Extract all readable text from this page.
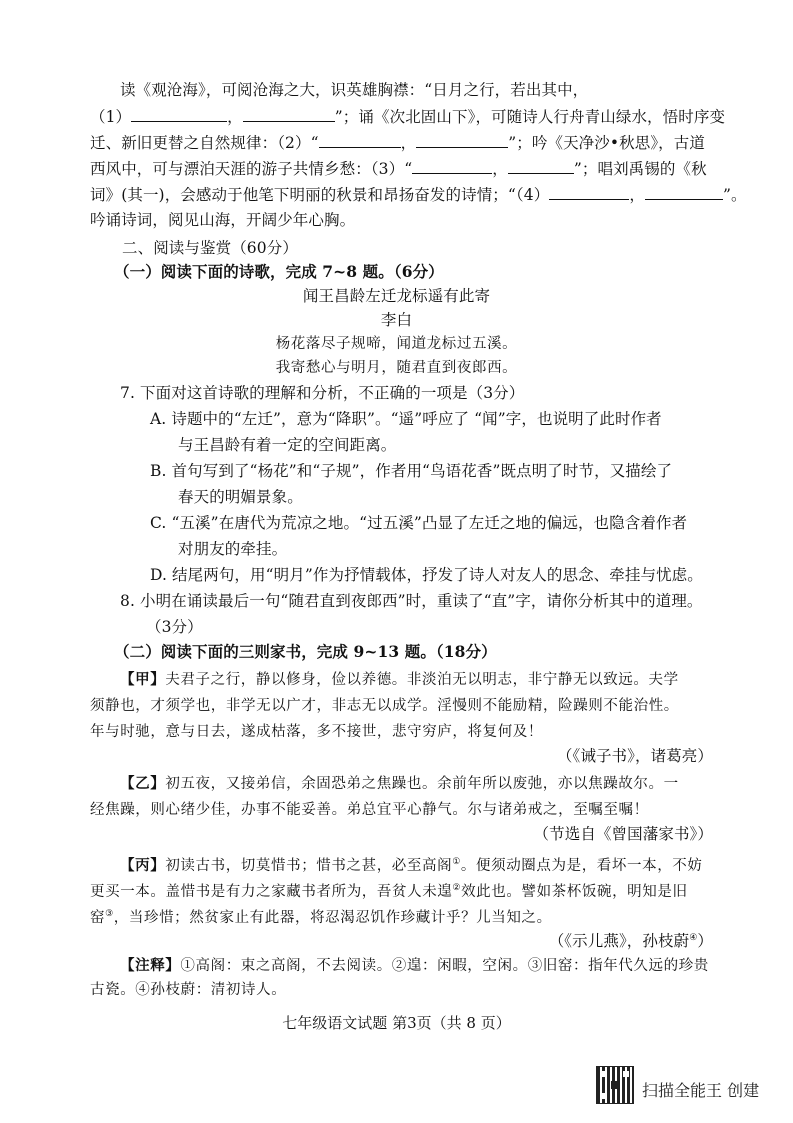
读《观沧海》，可阅沧海之大，识英雄胸襟：“日月之行，若出其中，
（1）	，	”；诵《次北固山下》，可随诗人行舟青山绿水，悟时序变
迁、新旧更替之自然规律：（2）“	，	”；吟《天净沙•秋思》，古道
西风中，可与漂泊天涯的游子共情乡愁：（3）“	，	”；唱刘禹锡的《秋
词》(其一)，会感动于他笔下明丽的秋景和昂扬奋发的诗情；“（4）	，	”。
吟诵诗词，阅见山海，开阔少年心胸。
二、阅读与鉴赏（60分）
（一）阅读下面的诗歌，完成 7~8 题。（6分）
闻王昌龄左迁龙标遥有此寄
李白
杨花落尽子规啼，闻道龙标过五溪。
我寄愁心与明月，随君直到夜郎西。
7. 下面对这首诗歌的理解和分析，不正确的一项是（3分）
A. 诗题中的“左迁”，意为“降职”。“遥”呼应了 “闻”字，也说明了此时作者
与王昌龄有着一定的空间距离。
B. 首句写到了“杨花”和“子规”，作者用“鸟语花香”既点明了时节，又描绘了
春天的明媚景象。
C. “五溪”在唐代为荒凉之地。“过五溪”凸显了左迁之地的偏远，也隐含着作者
对朋友的牵挂。
D. 结尾两句，用“明月”作为抒情载体，抒发了诗人对友人的思念、牵挂与忧虑。
8. 小明在诵读最后一句“随君直到夜郎西”时，重读了“直”字，请你分析其中的道理。
（3分）
（二）阅读下面的三则家书，完成 9~13 题。（18分）
【甲】夫君子之行，静以修身，俭以养德。非淡泊无以明志，非宁静无以致远。夫学
须静也，才须学也，非学无以广才，非志无以成学。淫慢则不能励精，险躁则不能治性。
年与时驰，意与日去，遂成枯落，多不接世，悲守穷庐，将复何及！
（《诫子书》，诸葛亮）
【乙】初五夜，又接弟信，余固恐弟之焦躁也。余前年所以废弛，亦以焦躁故尔。一
经焦躁，则心绪少佳，办事不能妥善。弟总宜平心静气。尔与诸弟戒之，至嘱至嘱！
（节选自《曾国藩家书》）
【丙】初读古书，切莫惜书；惜书之甚，必至高阁①。便须动圈点为是，看坏一本，不妨
更买一本。盖惜书是有力之家藏书者所为，吾贫人未遑②效此也。譬如茶杯饭碗，明知是旧
窑③，当珍惜；然贫家止有此器，将忍渴忍饥作珍藏计乎？儿当知之。
（《示儿燕》，孙枝蔚④）
【注释】①高阁：束之高阁，不去阅读。②遑：闲暇，空闲。③旧窑：指年代久远的珍贵
古瓷。④孙枝蔚：清初诗人。
七年级语文试题 第3页（共 8 页）
扫描全能王 创建
